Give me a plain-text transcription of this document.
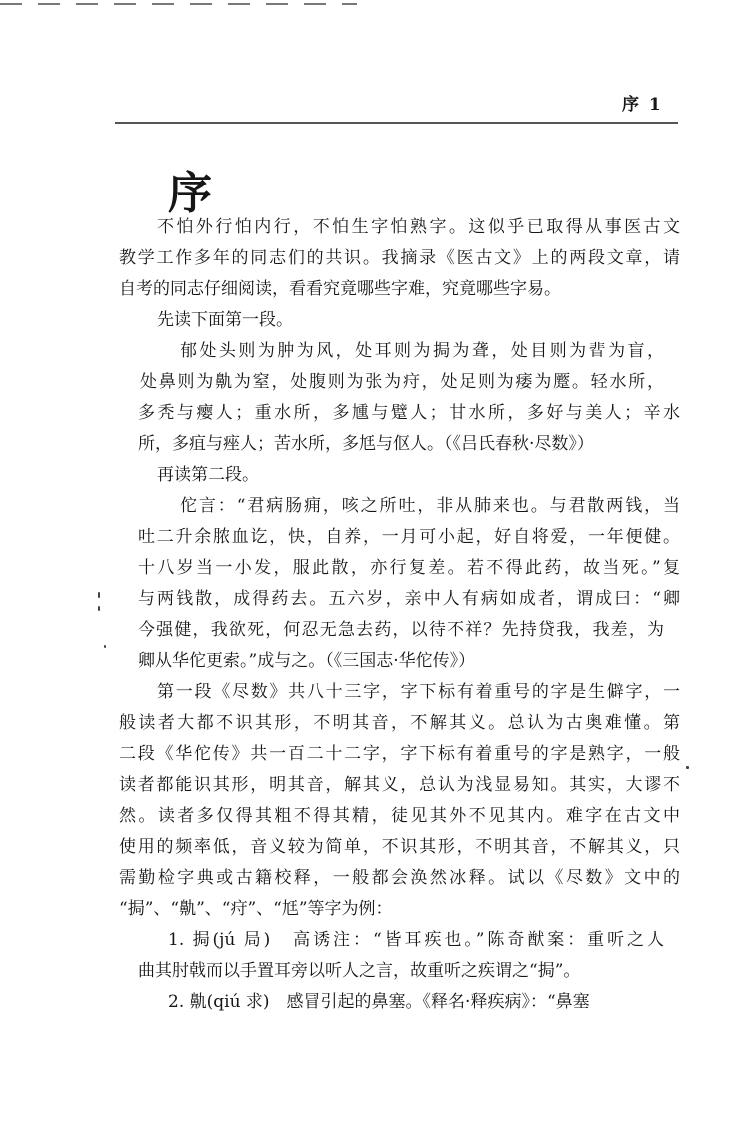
序 1
序
不怕外行怕内行，不怕生字怕熟字。这似乎已取得从事医古文
教学工作多年的同志们的共识。我摘录《医古文》上的两段文章，请
自考的同志仔细阅读，看看究竟哪些字难，究竟哪些字易。
先读下面第一段。
郁处头则为肿为风，处耳则为挶为聋，处目则为𥇖为盲，
处鼻则为鼽为窒，处腹则为张为疛，处足则为痿为蹷。轻水所，
多秃与瘿人；重水所，多尰与躄人；甘水所，多好与美人；辛水
所，多疽与痤人；苦水所，多尪与伛人。（《吕氏春秋·尽数》）
再读第二段。
佗言：“君病肠痈，咳之所吐，非从肺来也。与君散两钱，当
吐二升余脓血讫，快，自养，一月可小起，好自将爱，一年便健。
十八岁当一小发，服此散，亦行复差。若不得此药，故当死。”复
与两钱散，成得药去。五六岁，亲中人有病如成者，谓成曰：“卿
今强健，我欲死，何忍无急去药，以待不祥？先持贷我，我差，为
卿从华佗更索。”成与之。（《三国志·华佗传》）
第一段《尽数》共八十三字，字下标有着重号的字是生僻字，一
般读者大都不识其形，不明其音，不解其义。总认为古奥难懂。第
二段《华佗传》共一百二十二字，字下标有着重号的字是熟字，一般
读者都能识其形，明其音，解其义，总认为浅显易知。其实，大谬不
然。读者多仅得其粗不得其精，徒见其外不见其内。难字在古文中
使用的频率低，音义较为简单，不识其形，不明其音，不解其义，只
需勤检字典或古籍校释，一般都会涣然冰释。试以《尽数》文中的
“挶”、“鼽”、“疛”、“尪”等字为例：
1. 挶(jú 局)　高诱注：“皆耳疾也。”陈奇猷案：重听之人
曲其肘戟而以手置耳旁以听人之言，故重听之疾谓之“挶”。
2. 鼽(qiú 求)　感冒引起的鼻塞。《释名·释疾病》：“鼻塞
